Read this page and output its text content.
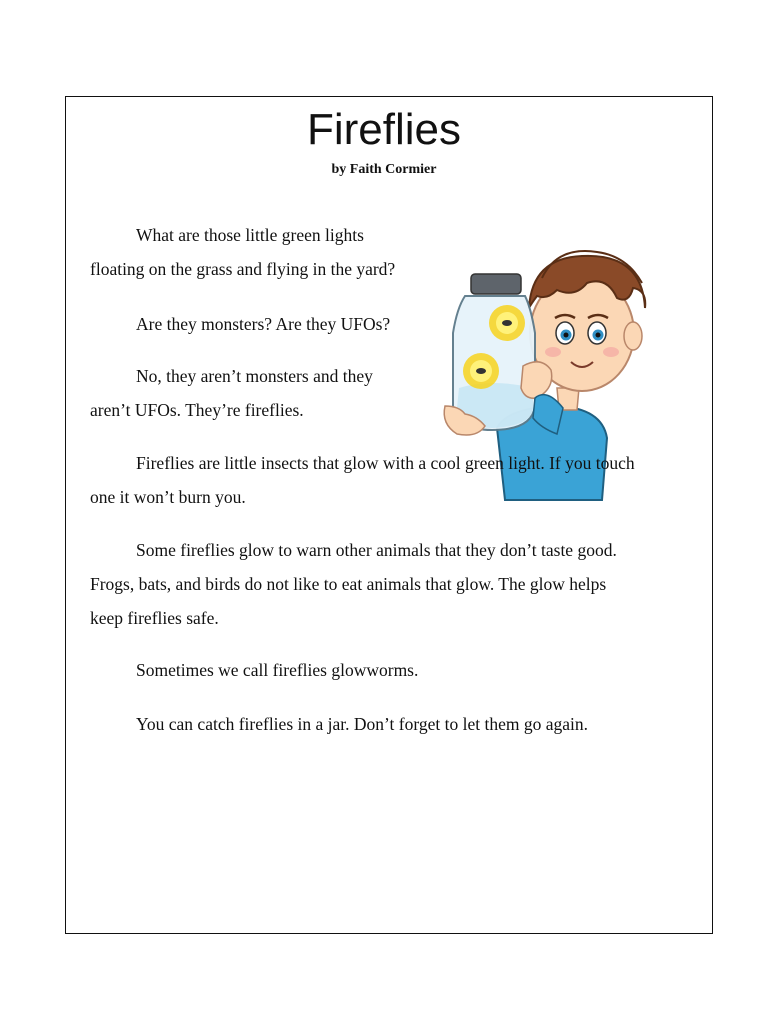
Fireflies
by Faith Cormier

What are those little green lights
floating on the grass and flying in the yard?

Are they monsters? Are they UFOs?

No, they aren’t monsters and they
aren’t UFOs. They’re fireflies.

Fireflies are little insects that glow with a cool green light. If you touch
one it won’t burn you.

Some fireflies glow to warn other animals that they don’t taste good.
Frogs, bats, and birds do not like to eat animals that glow. The glow helps
keep fireflies safe.

Sometimes we call fireflies glowworms.

You can catch fireflies in a jar. Don’t forget to let them go again.
